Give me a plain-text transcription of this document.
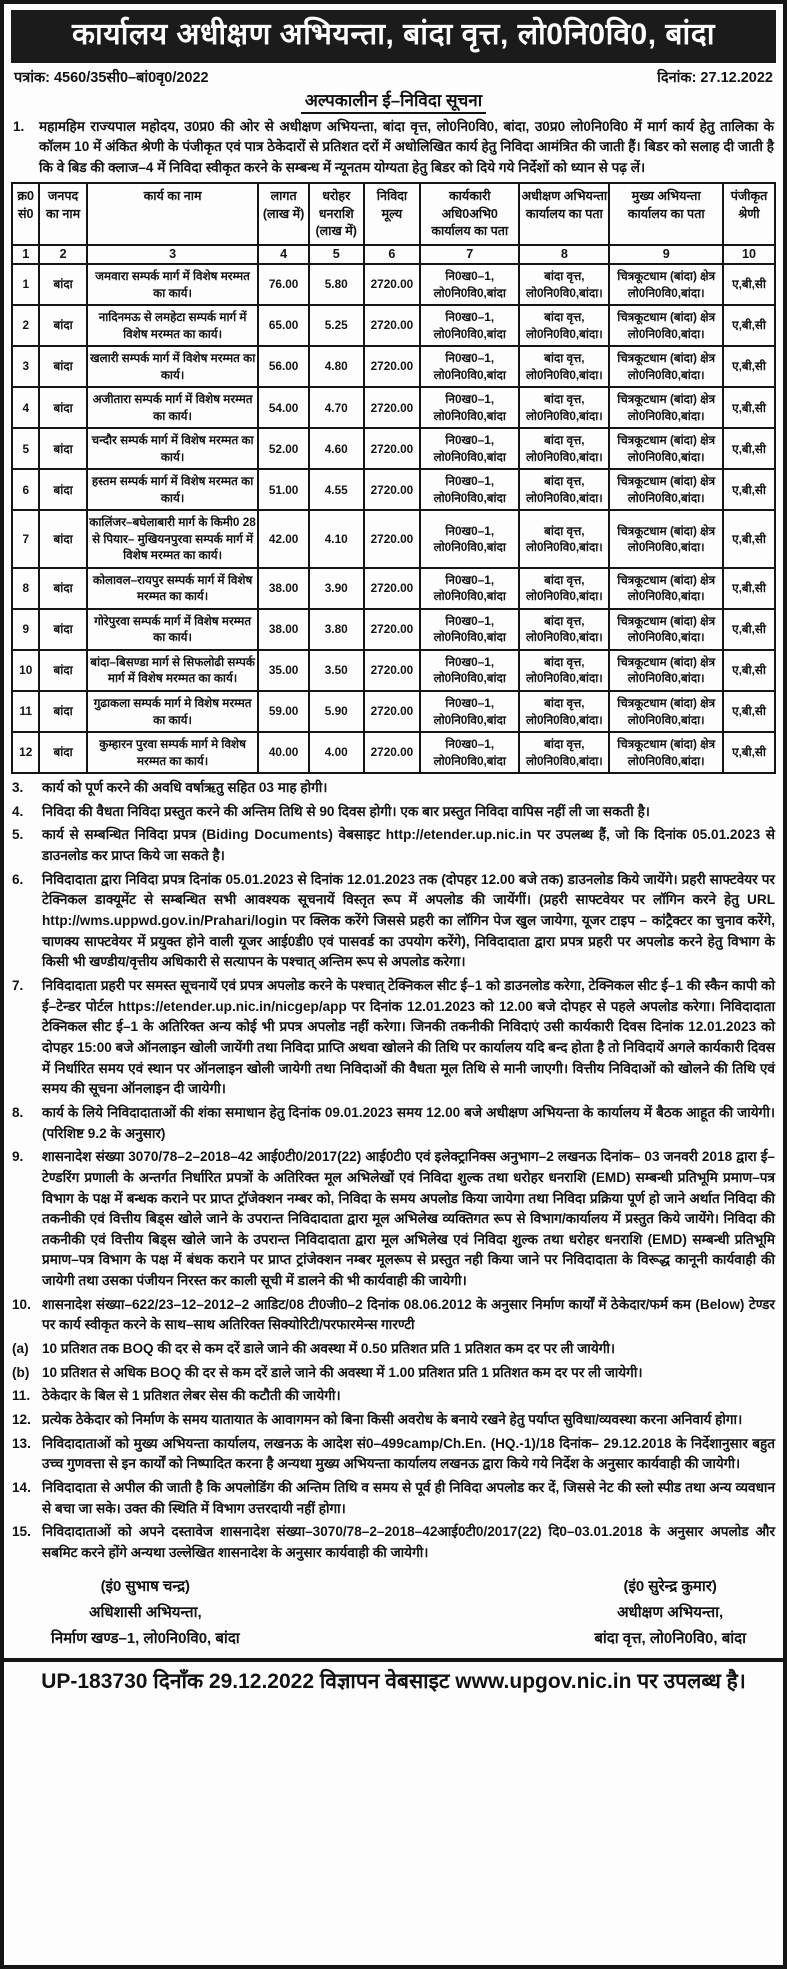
कार्यालय अधीक्षण अभियन्ता, बांदा वृत्त, लो0नि0वि0, बांदा
पत्रांक: 4560/35सी0–बां0वृ0/2022	दिनांक: 27.12.2022
अल्पकालीन ई–निविदा सूचना
1.	महामहिम राज्यपाल महोदय, उ0प्र0 की ओर से अधीक्षण अभियन्ता, बांदा वृत्त, लो0नि0वि0, बांदा, उ0प्र0 लो0नि0वि0 में मार्ग कार्य हेतु तालिका के कॉलम 10 में अंकित श्रेणी के पंजीकृत एवं पात्र ठेकेदारों से प्रतिशत दरों में अधोलिखित कार्य हेतु निविदा आमंत्रित की जाती हैं। बिडर को सलाह दी जाती है कि वे बिड की क्लाज–4 में निविदा स्वीकृत करने के सम्बन्ध में न्यूनतम योग्यता हेतु बिडर को दिये गये निर्देशों को ध्यान से पढ़ लें।
क्र0 सं0	जनपद का नाम	कार्य का नाम	लागत (लाख में)	धरोहर धनराशि (लाख में)	निविदा मूल्य	कार्यकारी अधि0अभि0 कार्यालय का पता	अधीक्षण अभियन्ता कार्यालय का पता	मुख्य अभियन्ता कार्यालय का पता	पंजीकृत श्रेणी
1	2	3	4	5	6	7	8	9	10
1	बांदा	जमवारा सम्पर्क मार्ग में विशेष मरम्मत का कार्य।	76.00	5.80	2720.00	नि0ख0–1, लो0नि0वि0,बांदा	बांदा वृत्त, लो0नि0वि0,बांदा।	चित्रकूटधाम (बांदा) क्षेत्र लो0नि0वि0,बांदा।	ए,बी,सी
2	बांदा	नादिनमऊ से लमहेटा सम्पर्क मार्ग में विशेष मरम्मत का कार्य।	65.00	5.25	2720.00	नि0ख0–1, लो0नि0वि0,बांदा	बांदा वृत्त, लो0नि0वि0,बांदा।	चित्रकूटधाम (बांदा) क्षेत्र लो0नि0वि0,बांदा।	ए,बी,सी
3	बांदा	खलारी सम्पर्क मार्ग में विशेष मरम्मत का कार्य।	56.00	4.80	2720.00	नि0ख0–1, लो0नि0वि0,बांदा	बांदा वृत्त, लो0नि0वि0,बांदा।	चित्रकूटधाम (बांदा) क्षेत्र लो0नि0वि0,बांदा।	ए,बी,सी
4	बांदा	अजीतारा सम्पर्क मार्ग में विशेष मरम्मत का कार्य।	54.00	4.70	2720.00	नि0ख0–1, लो0नि0वि0,बांदा	बांदा वृत्त, लो0नि0वि0,बांदा।	चित्रकूटधाम (बांदा) क्षेत्र लो0नि0वि0,बांदा।	ए,बी,सी
5	बांदा	चन्दौर सम्पर्क मार्ग में विशेष मरम्मत का कार्य।	52.00	4.60	2720.00	नि0ख0–1, लो0नि0वि0,बांदा	बांदा वृत्त, लो0नि0वि0,बांदा।	चित्रकूटधाम (बांदा) क्षेत्र लो0नि0वि0,बांदा।	ए,बी,सी
6	बांदा	हस्तम सम्पर्क मार्ग में विशेष मरम्मत का कार्य।	51.00	4.55	2720.00	नि0ख0–1, लो0नि0वि0,बांदा	बांदा वृत्त, लो0नि0वि0,बांदा।	चित्रकूटधाम (बांदा) क्षेत्र लो0नि0वि0,बांदा।	ए,बी,सी
7	बांदा	कालिंजर–बघेलाबारी मार्ग के किमी0 28 से पियार– मुखियनपुरवा सम्पर्क मार्ग में विशेष मरम्मत का कार्य।	42.00	4.10	2720.00	नि0ख0–1, लो0नि0वि0,बांदा	बांदा वृत्त, लो0नि0वि0,बांदा।	चित्रकूटधाम (बांदा) क्षेत्र लो0नि0वि0,बांदा।	ए,बी,सी
8	बांदा	कोलावल–रायपुर सम्पर्क मार्ग में विशेष मरम्मत का कार्य।	38.00	3.90	2720.00	नि0ख0–1, लो0नि0वि0,बांदा	बांदा वृत्त, लो0नि0वि0,बांदा।	चित्रकूटधाम (बांदा) क्षेत्र लो0नि0वि0,बांदा।	ए,बी,सी
9	बांदा	गोरेपुरवा सम्पर्क मार्ग में विशेष मरम्मत का कार्य।	38.00	3.80	2720.00	नि0ख0–1, लो0नि0वि0,बांदा	बांदा वृत्त, लो0नि0वि0,बांदा।	चित्रकूटधाम (बांदा) क्षेत्र लो0नि0वि0,बांदा।	ए,बी,सी
10	बांदा	बांदा–बिसण्डा मार्ग से सिफलोढी सम्पर्क मार्ग में विशेष मरम्मत का कार्य।	35.00	3.50	2720.00	नि0ख0–1, लो0नि0वि0,बांदा	बांदा वृत्त, लो0नि0वि0,बांदा।	चित्रकूटधाम (बांदा) क्षेत्र लो0नि0वि0,बांदा।	ए,बी,सी
11	बांदा	गुढाकला सम्पर्क मार्ग मे विशेष मरम्मत का कार्य।	59.00	5.90	2720.00	नि0ख0–1, लो0नि0वि0,बांदा	बांदा वृत्त, लो0नि0वि0,बांदा।	चित्रकूटधाम (बांदा) क्षेत्र लो0नि0वि0,बांदा।	ए,बी,सी
12	बांदा	कुम्हारन पुरवा सम्पर्क मार्ग मे विशेष मरम्मत का कार्य।	40.00	4.00	2720.00	नि0ख0–1, लो0नि0वि0,बांदा	बांदा वृत्त, लो0नि0वि0,बांदा।	चित्रकूटधाम (बांदा) क्षेत्र लो0नि0वि0,बांदा।	ए,बी,सी
3.	कार्य को पूर्ण करने की अवधि वर्षाऋतु सहित 03 माह होगी।
4.	निविदा की वैधता निविदा प्रस्तुत करने की अन्तिम तिथि से 90 दिवस होगी। एक बार प्रस्तुत निविदा वापिस नहीं ली जा सकती है।
5.	कार्य से सम्बन्धित निविदा प्रपत्र (Biding Documents) वेबसाइट http://etender.up.nic.in पर उपलब्ध हैं, जो कि दिनांक 05.01.2023 से डाउनलोड कर प्राप्त किये जा सकते है।
6.	निविदादाता द्वारा निविदा प्रपत्र दिनांक 05.01.2023 से दिनांक 12.01.2023 तक (दोपहर 12.00 बजे तक) डाउनलोड किये जायेंगे। प्रहरी साफ्टवेयर पर टेक्निकल डाक्यूमेंट से सम्बन्धित सभी आवश्यक सूचनायें विस्तृत रूप में अपलोड की जायेंगीं। (प्रहरी साफ्टवेयर पर लॉगिन करने हेतु URL http://wms.uppwd.gov.in/Prahari/login पर क्लिक करेंगे जिससे प्रहरी का लॉगिन पेज खुल जायेगा, यूजर टाइप – कांट्रैक्टर का चुनाव करेंगे, चाणक्य साफ्टवेयर में प्रयुक्त होने वाली यूजर आई0डी0 एवं पासवर्ड का उपयोग करेंगे), निविदादाता द्वारा प्रपत्र प्रहरी पर अपलोड करने हेतु विभाग के किसी भी खण्डीय/वृत्तीय अधिकारी से सत्यापन के पश्चात् अन्तिम रूप से अपलोड करेगा।
7.	निविदादाता प्रहरी पर समस्त सूचनायें एवं प्रपत्र अपलोड करने के पश्चात् टेक्निकल सीट ई–1 को डाउनलोड करेगा, टेक्निकल सीट ई–1 की स्कैन कापी को ई–टेन्डर पोर्टल https://etender.up.nic.in/nicgep/app पर दिनांक 12.01.2023 को 12.00 बजे दोपहर से पहले अपलोड करेगा। निविदादाता टेक्निकल सीट ई–1 के अतिरिक्त अन्य कोई भी प्रपत्र अपलोड नहीं करेगा। जिनकी तकनीकी निविदाएं उसी कार्यकारी दिवस दिनांक 12.01.2023 को दोपहर 15:00 बजे ऑनलाइन खोली जायेंगी तथा निविदा प्राप्ति अथवा खोलने की तिथि पर कार्यालय यदि बन्द होता है तो निविदायें अगले कार्यकारी दिवस में निर्धारित समय एवं स्थान पर ऑनलाइन खोली जायेगी तथा निविदाओं की वैधता मूल तिथि से मानी जाएगी। वित्तीय निविदाओं को खोलने की तिथि एवं समय की सूचना ऑनलाइन दी जायेगी।
8.	कार्य के लिये निविदादाताओं की शंका समाधान हेतु दिनांक 09.01.2023 समय 12.00 बजे अधीक्षण अभियन्ता के कार्यालय में बैठक आहूत की जायेगी। (परिशिष्ट 9.2 के अनुसार)
9.	शासनादेश संख्या 3070/78–2–2018–42 आई0टी0/2017(22) आई0टी0 एवं इलेक्ट्रानिक्स अनुभाग–2 लखनऊ दिनांक– 03 जनवरी 2018 द्वारा ई–टेण्डरिंग प्रणाली के अन्तर्गत निर्धारित प्रपत्रों के अतिरिक्त मूल अभिलेखों एवं निविदा शुल्क तथा धरोहर धनराशि (EMD) सम्बन्धी प्रतिभूमि प्रमाण–पत्र विभाग के पक्ष में बन्धक कराने पर प्राप्त ट्रॉजेक्शन नम्बर को, निविदा के समय अपलोड किया जायेगा तथा निविदा प्रक्रिया पूर्ण हो जाने अर्थात निविदा की तकनीकी एवं वित्तीय बिड्स खोले जाने के उपरान्त निविदादाता द्वारा मूल अभिलेख व्यक्तिगत रूप से विभाग/कार्यालय में प्रस्तुत किये जायेंगे। निविदा की तकनीकी एवं वित्तीय बिड्स खोले जाने के उपरान्त निविदादाता द्वारा मूल अभिलेख एवं निविदा शुल्क तथा धरोहर धनराशि (EMD) सम्बन्धी प्रतिभूमि प्रमाण–पत्र विभाग के पक्ष में बंधक कराने पर प्राप्त ट्रांजेक्शन नम्बर मूलरूप से प्रस्तुत नही किया जाने पर निविदादाता के विरूद्ध कानूनी कार्यवाही की जायेगी तथा उसका पंजीयन निरस्त कर काली सूची में डालने की भी कार्यवाही की जायेगी।
10. शासनादेश संख्या–622/23–12–2012–2 आडिट/08 टी0जी0–2 दिनांक 08.06.2012 के अनुसार निर्माण कार्यों में ठेकेदार/फर्म कम (Below) टेण्डर पर कार्य स्वीकृत करने के साथ–साथ अतिरिक्त सिक्योरिटी/परफारमेन्स गारण्टी
(a) 10 प्रतिशत तक BOQ की दर से कम दरें डाले जाने की अवस्था में 0.50 प्रतिशत प्रति 1 प्रतिशत कम दर पर ली जायेगी।
(b) 10 प्रतिशत से अधिक BOQ की दर से कम दरें डाले जाने की अवस्था में 1.00 प्रतिशत प्रति 1 प्रतिशत कम दर पर ली जायेगी।
11. ठेकेदार के बिल से 1 प्रतिशत लेबर सेस की कटौती की जायेगी।
12. प्रत्येक ठेकेदार को निर्माण के समय यातायात के आवागमन को बिना किसी अवरोध के बनाये रखने हेतु पर्याप्त सुविधा/व्यवस्था करना अनिवार्य होगा।
13. निविदादाताओं को मुख्य अभियन्ता कार्यालय, लखनऊ के आदेश सं0–499camp/Ch.En. (HQ.-1)/18 दिनांक– 29.12.2018 के निर्देशानुसार बहुत उच्च गुणवत्ता से इन कार्यों को निष्पादित करना है अन्यथा मुख्य अभियन्ता कार्यालय लखनऊ द्वारा किये गये निर्देश के अनुसार कार्यवाही की जायेगी।
14. निविदादाता से अपील की जाती है कि अपलोडिंग की अन्तिम तिथि व समय से पूर्व ही निविदा अपलोड कर दें, जिससे नेट की स्लो स्पीड तथा अन्य व्यवधान से बचा जा सके। उक्त की स्थिति में विभाग उत्तरदायी नहीं होगा।
15. निविदादाताओं को अपने दस्तावेज शासनादेश संख्या–3070/78–2–2018–42आई0टी0/2017(22) दि0–03.01.2018 के अनुसार अपलोड और सबमिट करने होंगे अन्यथा उल्लेखित शासनादेश के अनुसार कार्यवाही की जायेगी।
(इं0 सुभाष चन्द्र)
अधिशासी अभियन्ता,
निर्माण खण्ड–1, लो0नि0वि0, बांदा
(इं0 सुरेन्द्र कुमार)
अधीक्षण अभियन्ता,
बांदा वृत्त, लो0नि0वि0, बांदा
UP-183730 दिनाँक 29.12.2022 विज्ञापन वेबसाइट www.upgov.nic.in पर उपलब्ध है।
